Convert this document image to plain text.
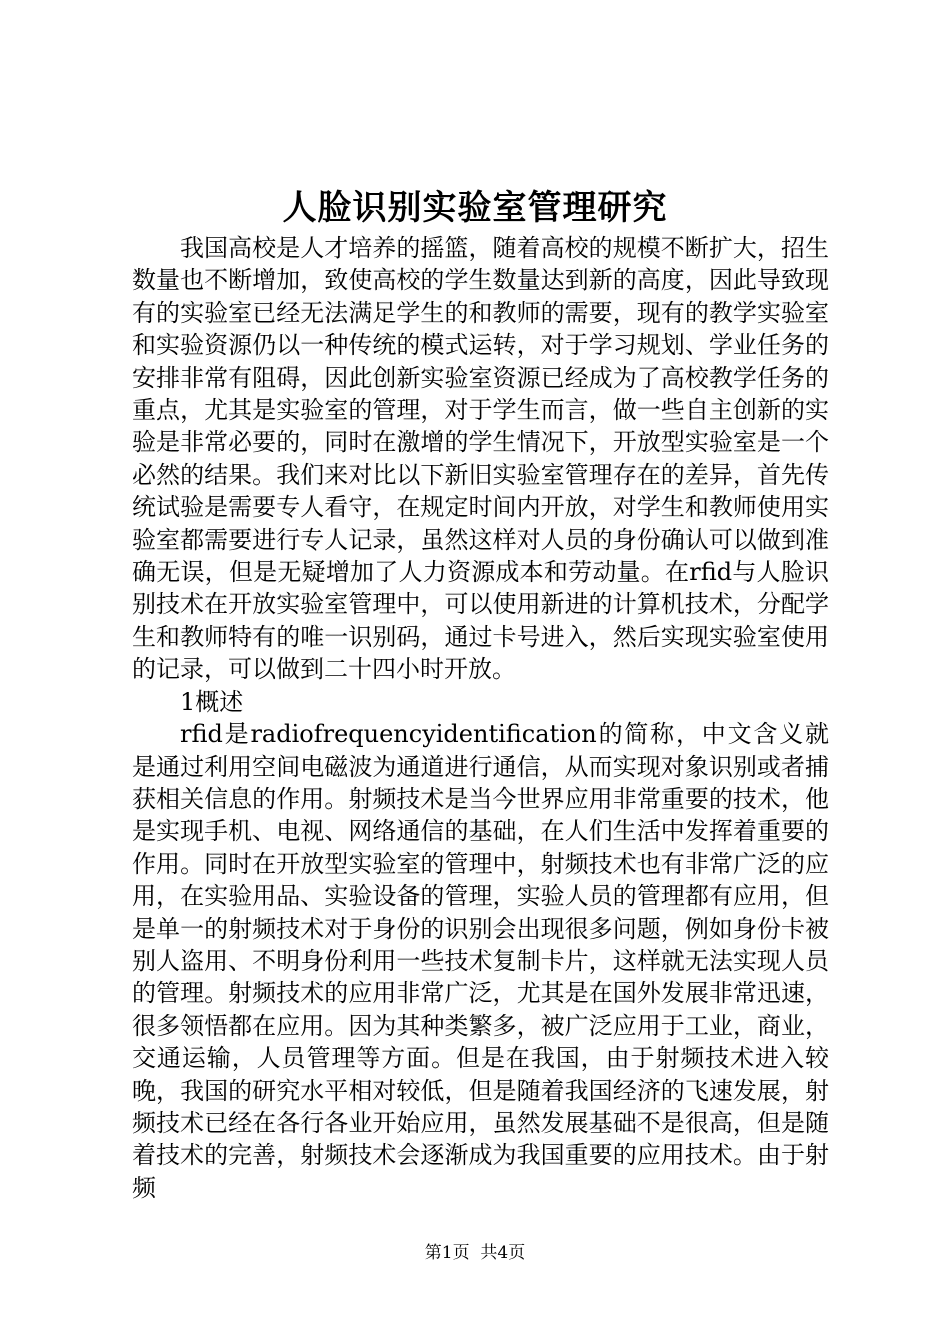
人脸识别实验室管理研究

我国高校是人才培养的摇篮，随着高校的规模不断扩大，招生数量也不断增加，致使高校的学生数量达到新的高度，因此导致现有的实验室已经无法满足学生的和教师的需要，现有的教学实验室和实验资源仍以一种传统的模式运转，对于学习规划、学业任务的安排非常有阻碍，因此创新实验室资源已经成为了高校教学任务的重点，尤其是实验室的管理，对于学生而言，做一些自主创新的实验是非常必要的，同时在激增的学生情况下，开放型实验室是一个必然的结果。我们来对比以下新旧实验室管理存在的差异，首先传统试验是需要专人看守，在规定时间内开放，对学生和教师使用实验室都需要进行专人记录，虽然这样对人员的身份确认可以做到准确无误，但是无疑增加了人力资源成本和劳动量。在rfid与人脸识别技术在开放实验室管理中，可以使用新进的计算机技术，分配学生和教师特有的唯一识别码，通过卡号进入，然后实现实验室使用的记录，可以做到二十四小时开放。

1概述

rfid是radiofrequencyidentification的简称，中文含义就是通过利用空间电磁波为通道进行通信，从而实现对象识别或者捕获相关信息的作用。射频技术是当今世界应用非常重要的技术，他是实现手机、电视、网络通信的基础，在人们生活中发挥着重要的作用。同时在开放型实验室的管理中，射频技术也有非常广泛的应用，在实验用品、实验设备的管理，实验人员的管理都有应用，但是单一的射频技术对于身份的识别会出现很多问题，例如身份卡被别人盗用、不明身份利用一些技术复制卡片，这样就无法实现人员的管理。射频技术的应用非常广泛，尤其是在国外发展非常迅速，很多领悟都在应用。因为其种类繁多，被广泛应用于工业，商业，交通运输，人员管理等方面。但是在我国，由于射频技术进入较晚，我国的研究水平相对较低，但是随着我国经济的飞速发展，射频技术已经在各行各业开始应用，虽然发展基础不是很高，但是随着技术的完善，射频技术会逐渐成为我国重要的应用技术。由于射频

第1页  共4页
